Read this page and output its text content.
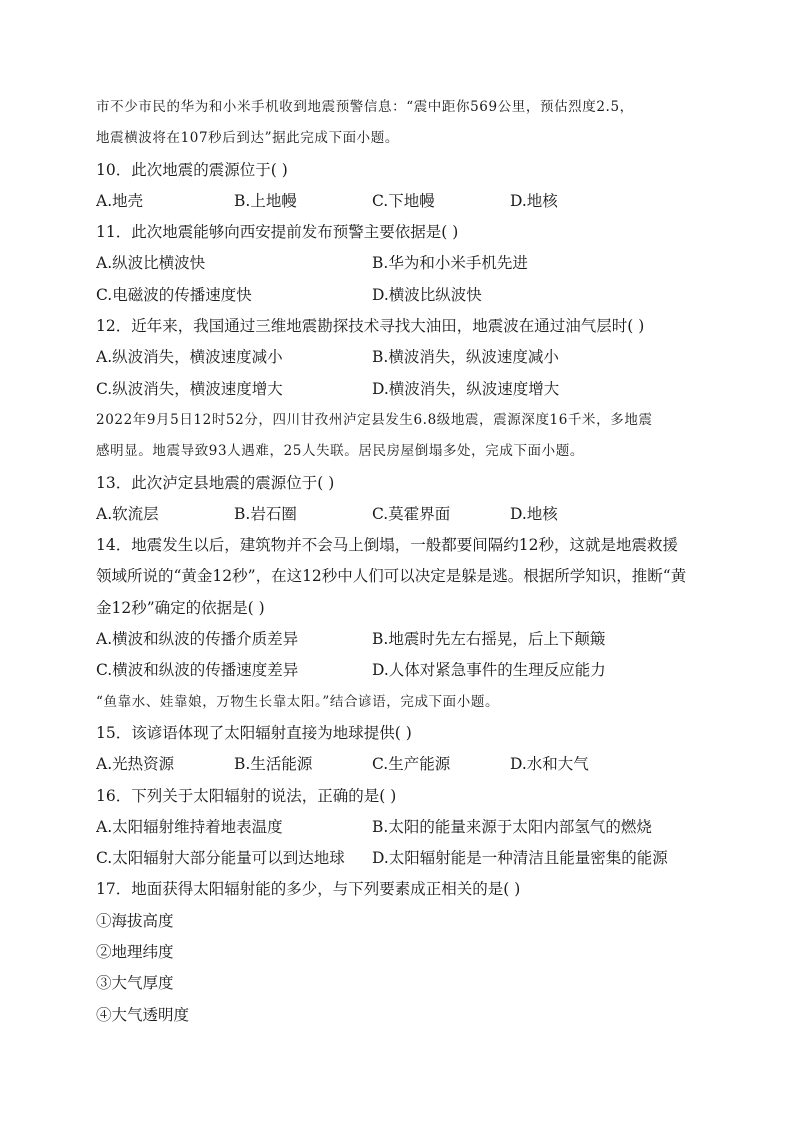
市不少市民的华为和小米手机收到地震预警信息：“震中距你569公里，预估烈度2.5，
地震横波将在107秒后到达”据此完成下面小题。
10．此次地震的震源位于( )
A.地壳	B.上地幔	C.下地幔	D.地核
11．此次地震能够向西安提前发布预警主要依据是( )
A.纵波比横波快	B.华为和小米手机先进
C.电磁波的传播速度快	D.横波比纵波快
12．近年来，我国通过三维地震勘探技术寻找大油田，地震波在通过油气层时( )
A.纵波消失，横波速度减小	B.横波消失，纵波速度减小
C.纵波消失，横波速度增大	D.横波消失，纵波速度增大
2022年9月5日12时52分，四川甘孜州泸定县发生6.8级地震，震源深度16千米，多地震
感明显。地震导致93人遇难，25人失联。居民房屋倒塌多处，完成下面小题。
13．此次泸定县地震的震源位于( )
A.软流层	B.岩石圈	C.莫霍界面	D.地核
14．地震发生以后，建筑物并不会马上倒塌，一般都要间隔约12秒，这就是地震救援
领域所说的“黄金12秒”，在这12秒中人们可以决定是躲是逃。根据所学知识，推断“黄
金12秒”确定的依据是( )
A.横波和纵波的传播介质差异	B.地震时先左右摇晃，后上下颠簸
C.横波和纵波的传播速度差异	D.人体对紧急事件的生理反应能力
“鱼靠水、娃靠娘，万物生长靠太阳。”结合谚语，完成下面小题。
15．该谚语体现了太阳辐射直接为地球提供( )
A.光热资源	B.生活能源	C.生产能源	D.水和大气
16．下列关于太阳辐射的说法，正确的是( )
A.太阳辐射维持着地表温度	B.太阳的能量来源于太阳内部氢气的燃烧
C.太阳辐射大部分能量可以到达地球	D.太阳辐射能是一种清洁且能量密集的能源
17．地面获得太阳辐射能的多少，与下列要素成正相关的是( )
①海拔高度
②地理纬度
③大气厚度
④大气透明度
